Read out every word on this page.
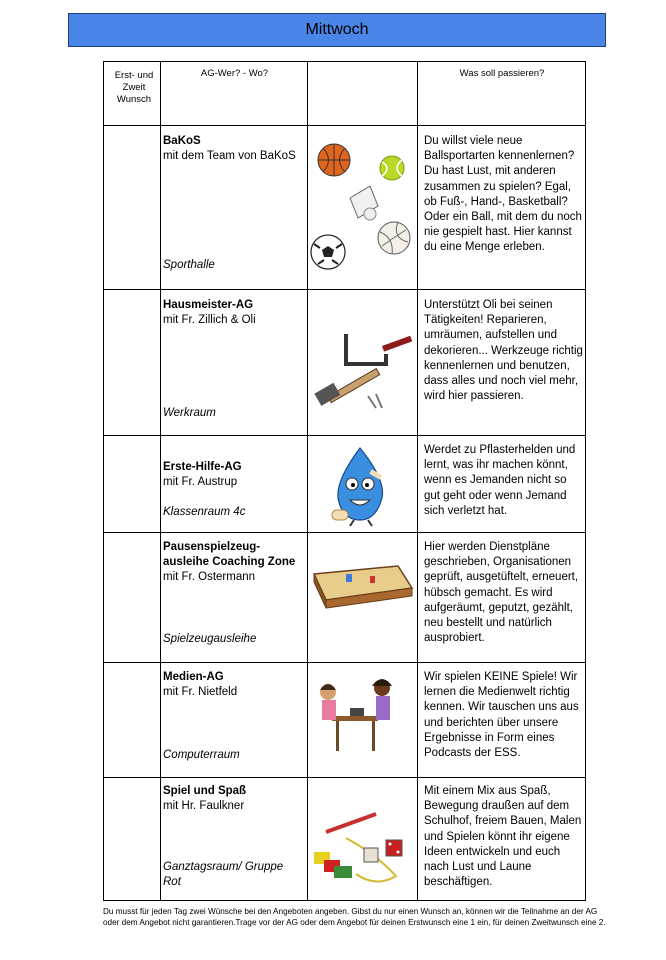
Mittwoch
Erst- und Zweit Wunsch
AG-Wer? - Wo?	Was soll passieren?
BaKoS
mit dem Team von BaKoS
Sporthalle
Du willst viele neue Ballsportarten kennenlernen? Du hast Lust, mit anderen zusammen zu spielen? Egal, ob Fuß-, Hand-, Basketball? Oder ein Ball, mit dem du noch nie gespielt hast. Hier kannst du eine Menge erleben.
Hausmeister-AG
mit Fr. Zillich & Oli
Werkraum
Unterstützt Oli bei seinen Tätigkeiten! Reparieren, umräumen, aufstellen und dekorieren... Werkzeuge richtig kennenlernen und benutzen, dass alles und noch viel mehr, wird hier passieren.
Erste-Hilfe-AG
mit Fr. Austrup
Klassenraum 4c
Werdet zu Pflasterhelden und lernt, was ihr machen könnt, wenn es Jemanden nicht so gut geht oder wenn Jemand sich verletzt hat.
Pausenspielzeug-ausleihe Coaching Zone
mit Fr. Ostermann
Spielzeugausleihe
Hier werden Dienstpläne geschrieben, Organisationen geprüft, ausgetüftelt, erneuert, hübsch gemacht. Es wird aufgeräumt, geputzt, gezählt, neu bestellt und natürlich ausprobiert.
Medien-AG
mit Fr. Nietfeld
Computerraum
Wir spielen KEINE Spiele! Wir lernen die Medienwelt richtig kennen. Wir tauschen uns aus und berichten über unsere Ergebnisse in Form eines Podcasts der ESS.
Spiel und Spaß
mit Hr. Faulkner
Ganztagsraum/ Gruppe Rot
Mit einem Mix aus Spaß, Bewegung draußen auf dem Schulhof, freiem Bauen, Malen und Spielen könnt ihr eigene Ideen entwickeln und euch nach Lust und Laune beschäftigen.
Du musst für jeden Tag zwei Wünsche bei den Angeboten angeben. Gibst du nur einen Wunsch an, können wir die Teilnahme an der AG oder dem Angebot nicht garantieren.Trage vor der AG oder dem Angebot für deinen Erstwunsch eine 1 ein, für deinen Zweitwunsch eine 2.
